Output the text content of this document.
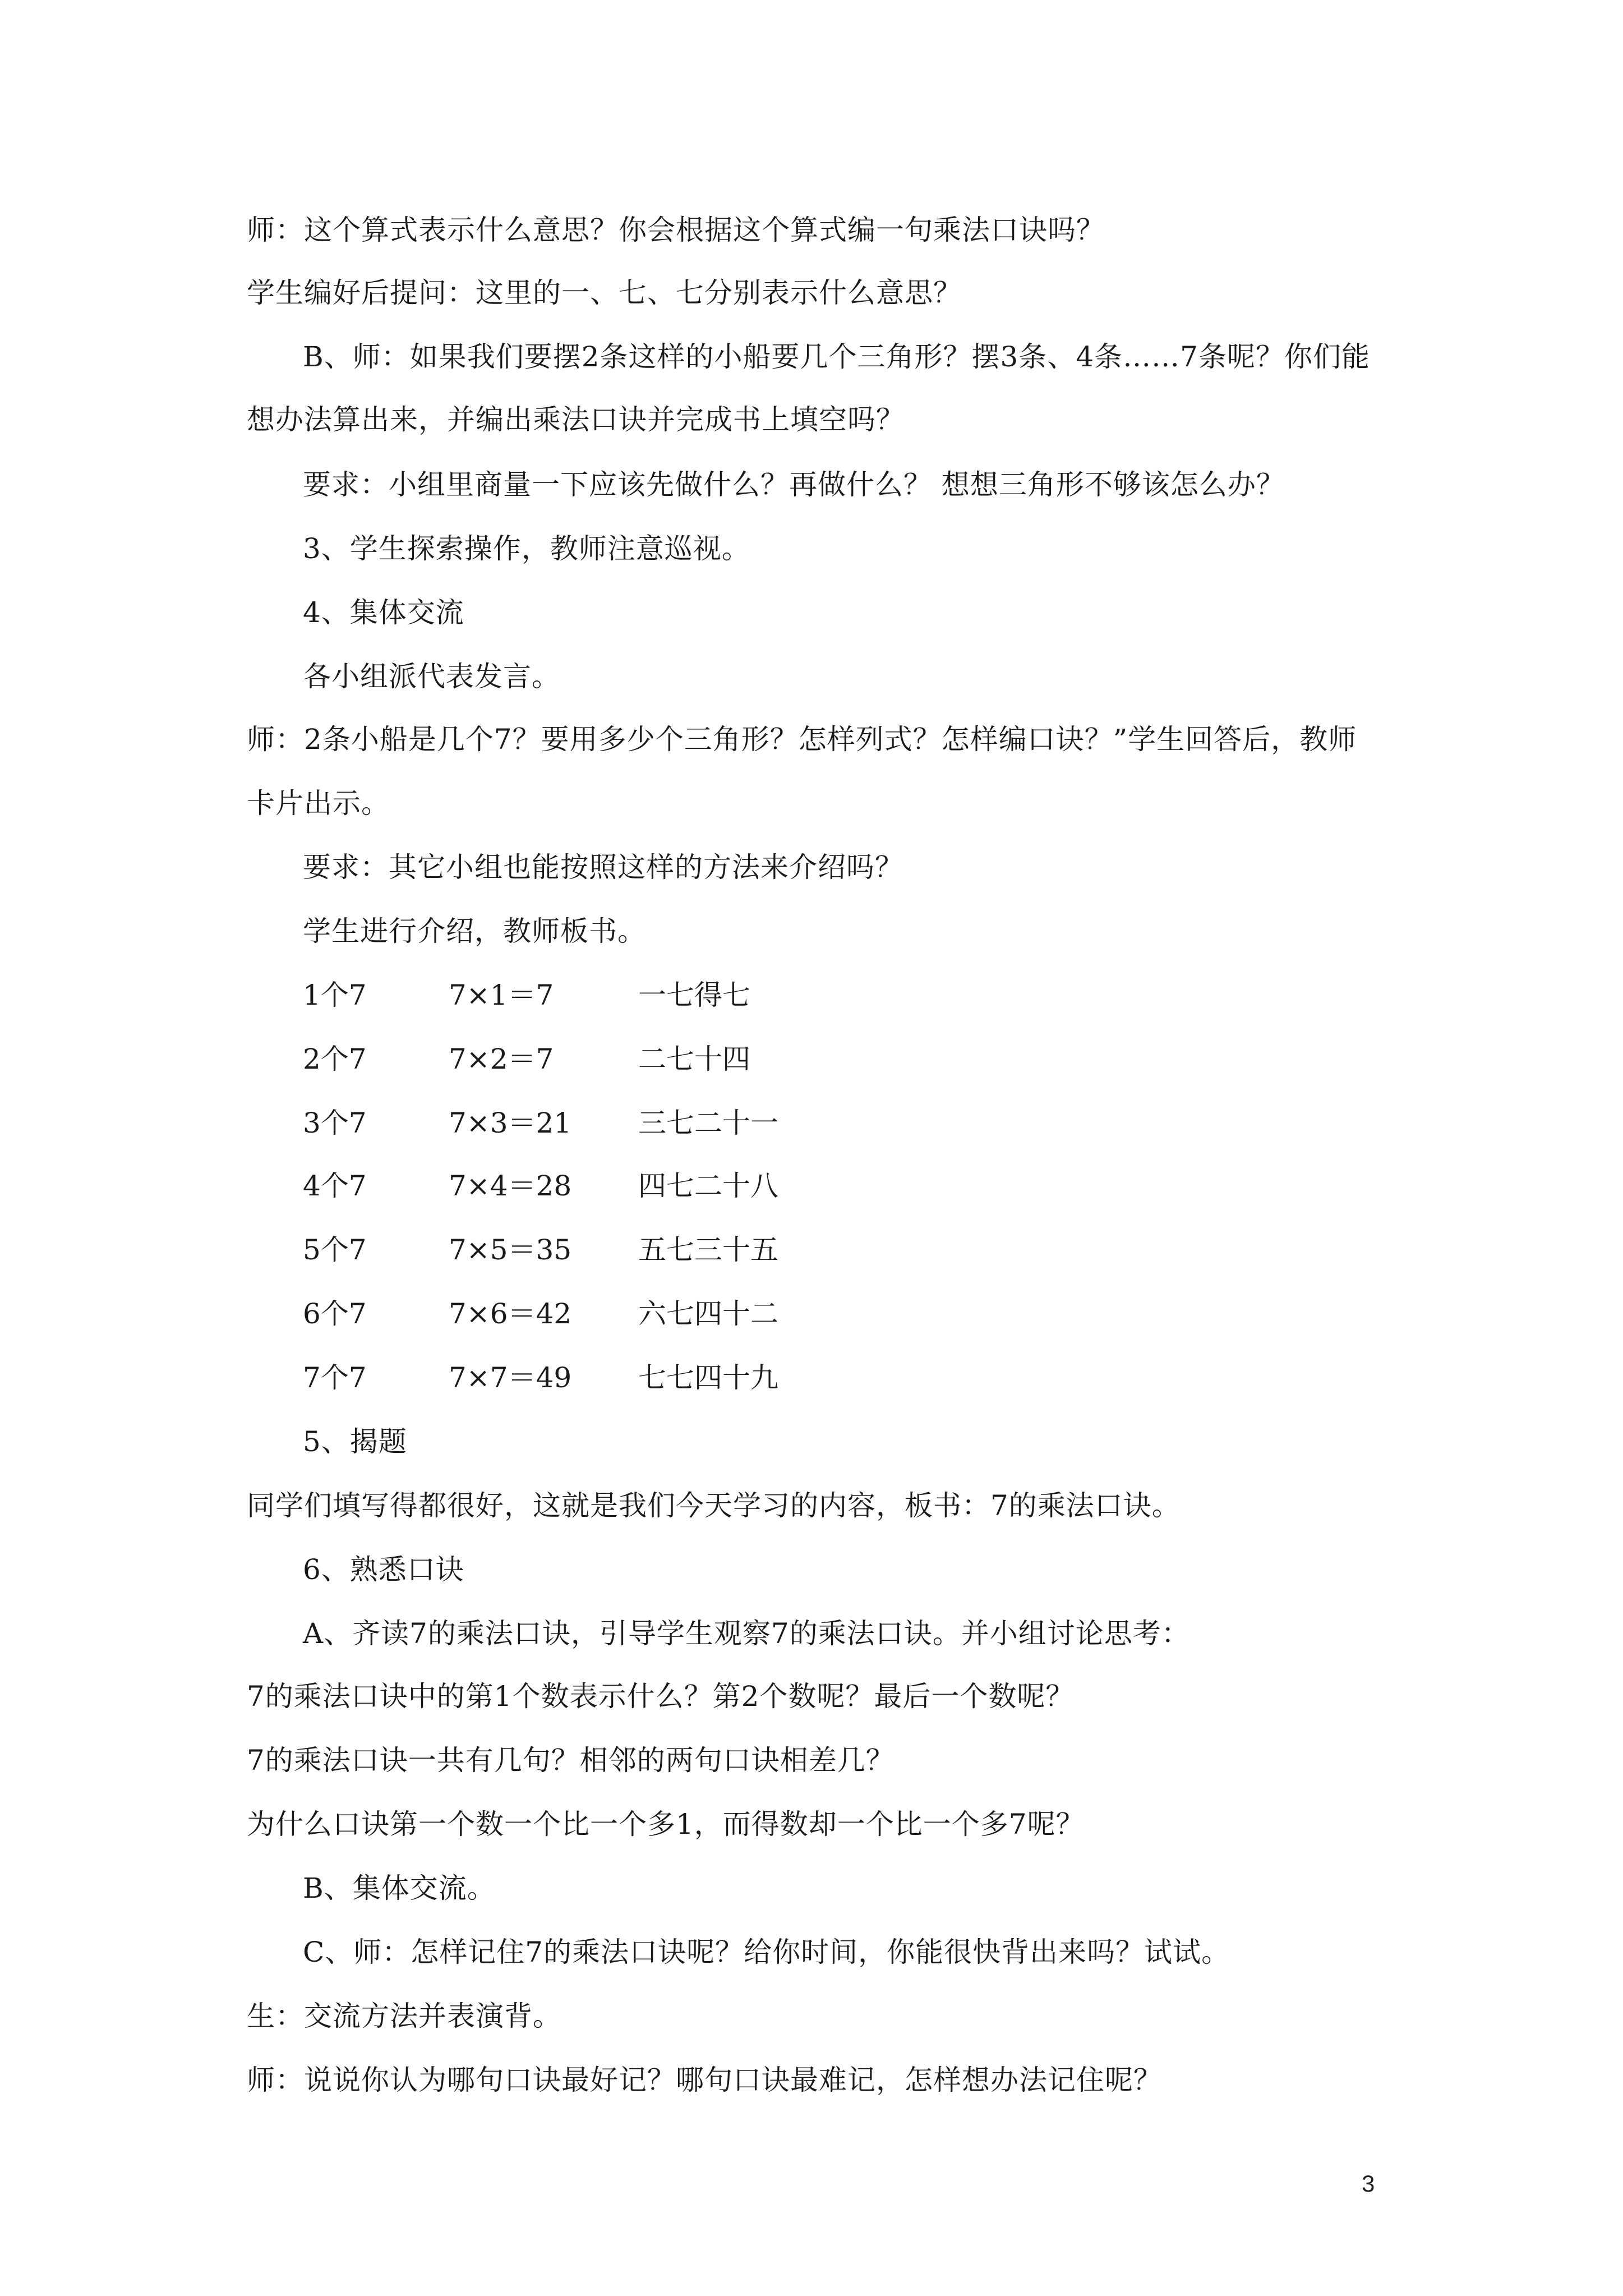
师：这个算式表示什么意思？你会根据这个算式编一句乘法口诀吗？
学生编好后提问：这里的一、七、七分别表示什么意思？
B、师：如果我们要摆2条这样的小船要几个三角形？摆3条、4条……7条呢？你们能
想办法算出来，并编出乘法口诀并完成书上填空吗？
要求：小组里商量一下应该先做什么？再做什么？ 想想三角形不够该怎么办？
3、学生探索操作，教师注意巡视。
4、集体交流
各小组派代表发言。
师：2条小船是几个7？要用多少个三角形？怎样列式？怎样编口诀？”学生回答后，教师
卡片出示。
要求：其它小组也能按照这样的方法来介绍吗？
学生进行介绍，教师板书。
1个7	7×1＝7	一七得七
2个7	7×2＝7	二七十四
3个7	7×3＝21 三七二十一
4个7	7×4＝28 四七二十八
5个7	7×5＝35 五七三十五
6个7	7×6＝42 六七四十二
7个7	7×7＝49 七七四十九
5、揭题
同学们填写得都很好，这就是我们今天学习的内容，板书：7的乘法口诀。
6、熟悉口诀
A、齐读7的乘法口诀，引导学生观察7的乘法口诀。并小组讨论思考：
7的乘法口诀中的第1个数表示什么？第2个数呢？最后一个数呢？
7的乘法口诀一共有几句？相邻的两句口诀相差几？
为什么口诀第一个数一个比一个多1，而得数却一个比一个多7呢？
B、集体交流。
C、师：怎样记住7的乘法口诀呢？给你时间，你能很快背出来吗？试试。
生：交流方法并表演背。
师：说说你认为哪句口诀最好记？哪句口诀最难记，怎样想办法记住呢？
3
